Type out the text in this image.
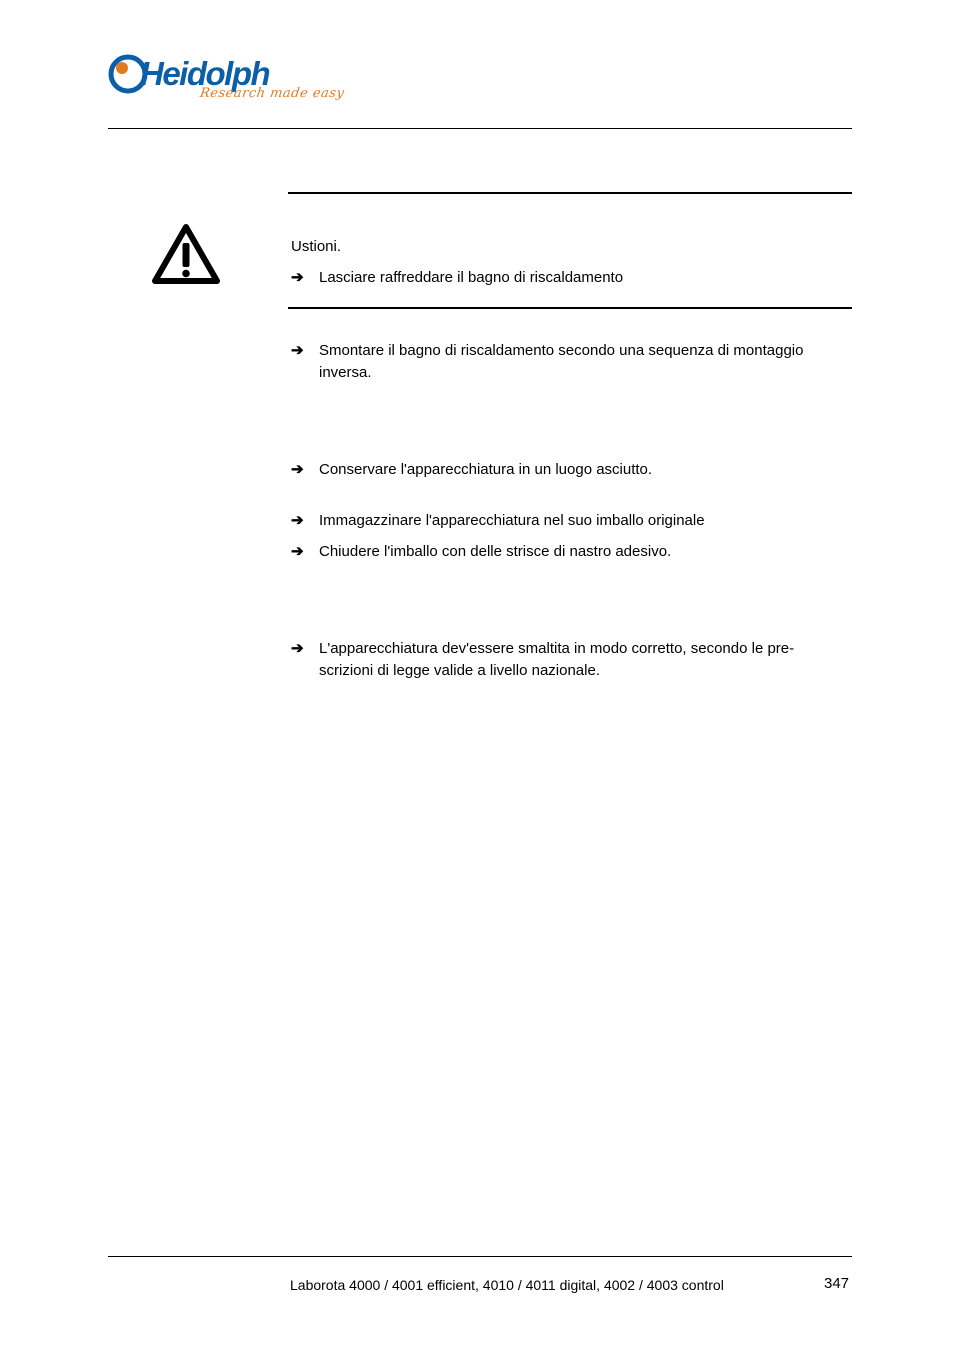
Heidolph
Research made easy
Ustioni.
➔ Lasciare raffreddare il bagno di riscaldamento
➔ Smontare il bagno di riscaldamento secondo una sequenza di montaggio inversa.
➔ Conservare l'apparecchiatura in un luogo asciutto.
➔ Immagazzinare l'apparecchiatura nel suo imballo originale
➔ Chiudere l'imballo con delle strisce di nastro adesivo.
➔ L'apparecchiatura dev'essere smaltita in modo corretto, secondo le pre-scrizioni di legge valide a livello nazionale.
Laborota 4000 / 4001 efficient, 4010 / 4011 digital, 4002 / 4003 control	347
